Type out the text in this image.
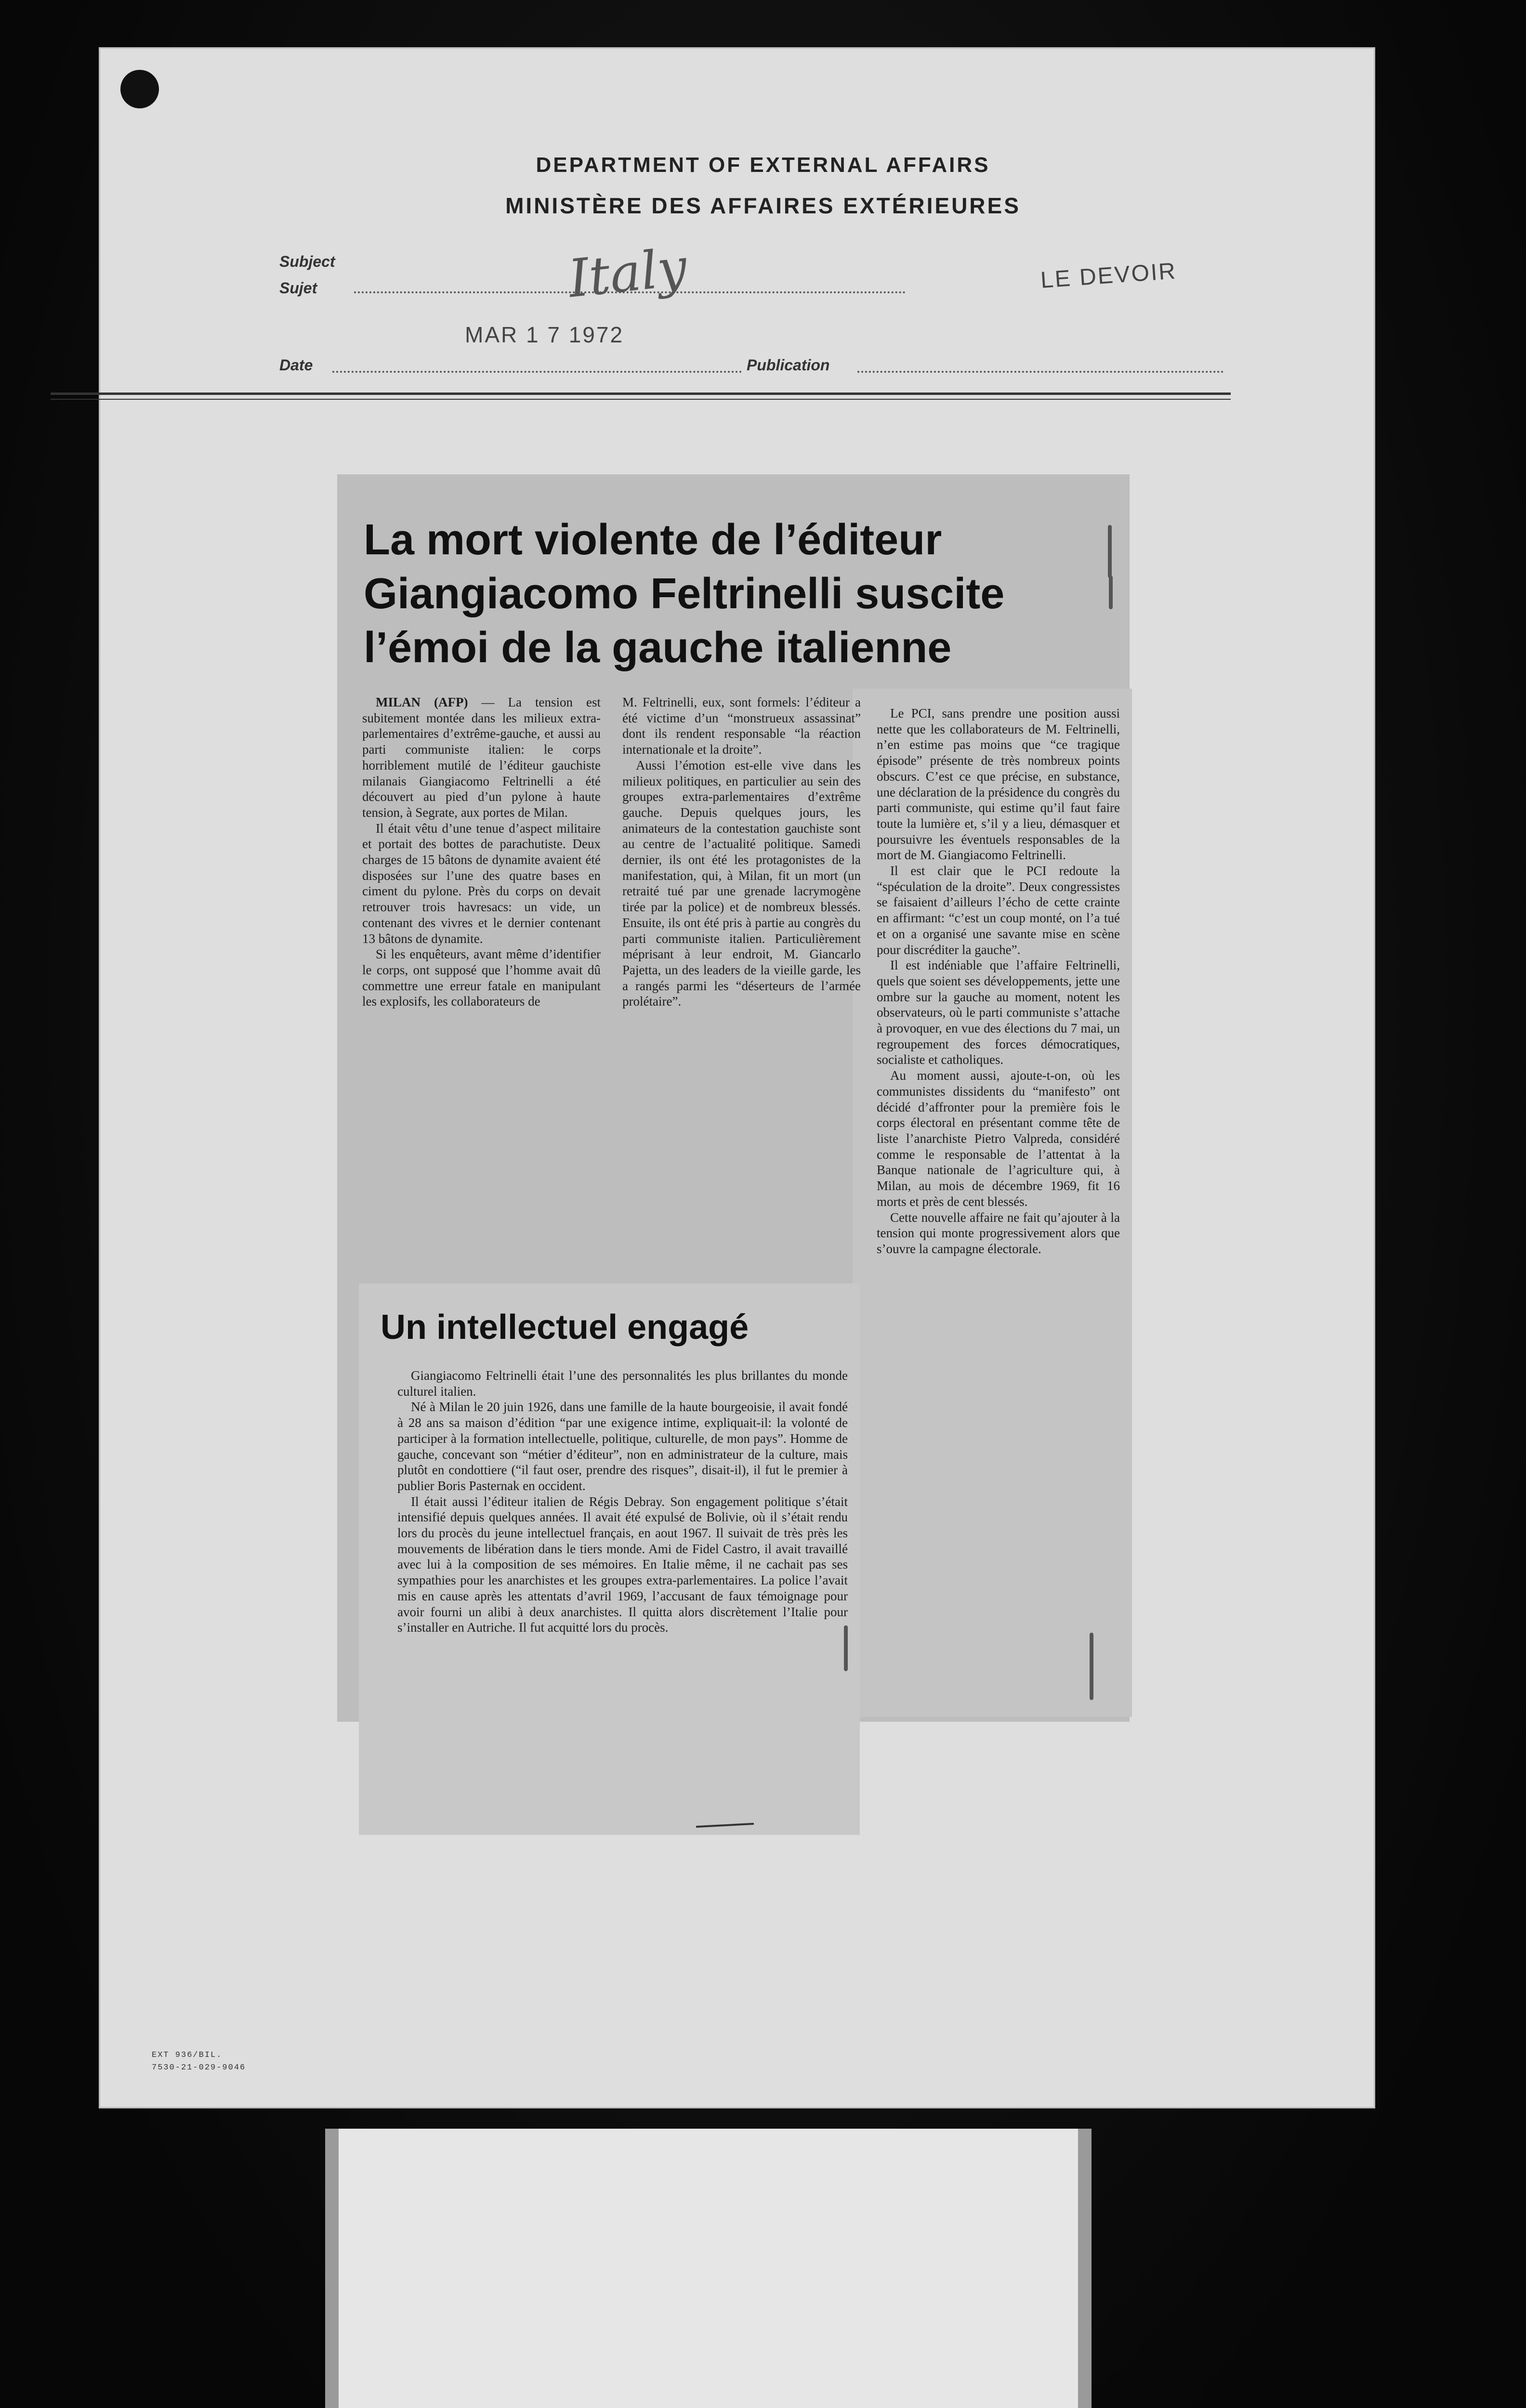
DEPARTMENT OF EXTERNAL AFFAIRS
MINISTÈRE DES AFFAIRES EXTÉRIEURES
Subject
Sujet	Italy
Date
MAR 1 7 1972
Publication
LE DEVOIR
La mort violente de l’éditeur
Giangiacomo Feltrinelli suscite
l’émoi de la gauche italienne

MILAN (AFP) — La tension est subitement montée dans les milieux extra-parlementaires d’extrême-gauche, et aussi au parti communiste italien: le corps horriblement mutilé de l’éditeur gauchiste milanais Giangiacomo Feltrinelli a été découvert au pied d’un pylone à haute tension, à Segrate, aux portes de Milan.

Il était vêtu d’une tenue d’aspect militaire et portait des bottes de parachutiste. Deux charges de 15 bâtons de dynamite avaient été disposées sur l’une des quatre bases en ciment du pylone. Près du corps on devait retrouver trois havresacs: un vide, un contenant des vivres et le dernier contenant 13 bâtons de dynamite.

Si les enquêteurs, avant même d’identifier le corps, ont supposé que l’homme avait dû commettre une erreur fatale en manipulant les explosifs, les collaborateurs de

M. Feltrinelli, eux, sont formels: l’éditeur a été victime d’un “monstrueux assassinat” dont ils rendent responsable “la réaction internationale et la droite”.

Aussi l’émotion est-elle vive dans les milieux politiques, en particulier au sein des groupes extra-parlementaires d’extrême gauche. Depuis quelques jours, les animateurs de la contestation gauchiste sont au centre de l’actualité politique. Samedi dernier, ils ont été les protagonistes de la manifestation, qui, à Milan, fit un mort (un retraité tué par une grenade lacrymogène tirée par la police) et de nombreux blessés. Ensuite, ils ont été pris à partie au congrès du parti communiste italien. Particulièrement méprisant à leur endroit, M. Giancarlo Pajetta, un des leaders de la vieille garde, les a rangés parmi les “déserteurs de l’armée prolétaire”.

Le PCI, sans prendre une position aussi nette que les collaborateurs de M. Feltrinelli, n’en estime pas moins que “ce tragique épisode” présente de très nombreux points obscurs. C’est ce que précise, en substance, une déclaration de la présidence du congrès du parti communiste, qui estime qu’il faut faire toute la lumière et, s’il y a lieu, démasquer et poursuivre les éventuels responsables de la mort de M. Giangiacomo Feltrinelli.

Il est clair que le PCI redoute la “spéculation de la droite”. Deux congressistes se faisaient d’ailleurs l’écho de cette crainte en affirmant: “c’est un coup monté, on l’a tué et on a organisé une savante mise en scène pour discréditer la gauche”.

Il est indéniable que l’affaire Feltrinelli, quels que soient ses développements, jette une ombre sur la gauche au moment, notent les observateurs, où le parti communiste s’attache à provoquer, en vue des élections du 7 mai, un regroupement des forces démocratiques, socialiste et catholiques.

Au moment aussi, ajoute-t-on, où les communistes dissidents du “manifesto” ont décidé d’affronter pour la première fois le corps électoral en présentant comme tête de liste l’anarchiste Pietro Valpreda, considéré comme le responsable de l’attentat à la Banque nationale de l’agriculture qui, à Milan, au mois de décembre 1969, fit 16 morts et près de cent blessés.

Cette nouvelle affaire ne fait qu’ajouter à la tension qui monte progressivement alors que s’ouvre la campagne électorale.

Un intellectuel engagé

Giangiacomo Feltrinelli était l’une des personnalités les plus brillantes du monde culturel italien.

Né à Milan le 20 juin 1926, dans une famille de la haute bourgeoisie, il avait fondé à 28 ans sa maison d’édition “par une exigence intime, expliquait-il: la volonté de participer à la formation intellectuelle, politique, culturelle, de mon pays”. Homme de gauche, concevant son “métier d’éditeur”, non en administrateur de la culture, mais plutôt en condottiere (“il faut oser, prendre des risques”, disait-il), il fut le premier à publier Boris Pasternak en occident.

Il était aussi l’éditeur italien de Régis Debray. Son engagement politique s’était intensifié depuis quelques années. Il avait été expulsé de Bolivie, où il s’était rendu lors du procès du jeune intellectuel français, en aout 1967. Il suivait de très près les mouvements de libération dans le tiers monde. Ami de Fidel Castro, il avait travaillé avec lui à la composition de ses mémoires. En Italie même, il ne cachait pas ses sympathies pour les anarchistes et les groupes extra-parlementaires. La police l’avait mis en cause après les attentats d’avril 1969, l’accusant de faux témoignage pour avoir fourni un alibi à deux anarchistes. Il quitta alors discrètement l’Italie pour s’installer en Autriche. Il fut acquitté lors du procès.

EXT 936/BIL.
7530-21-029-9046
